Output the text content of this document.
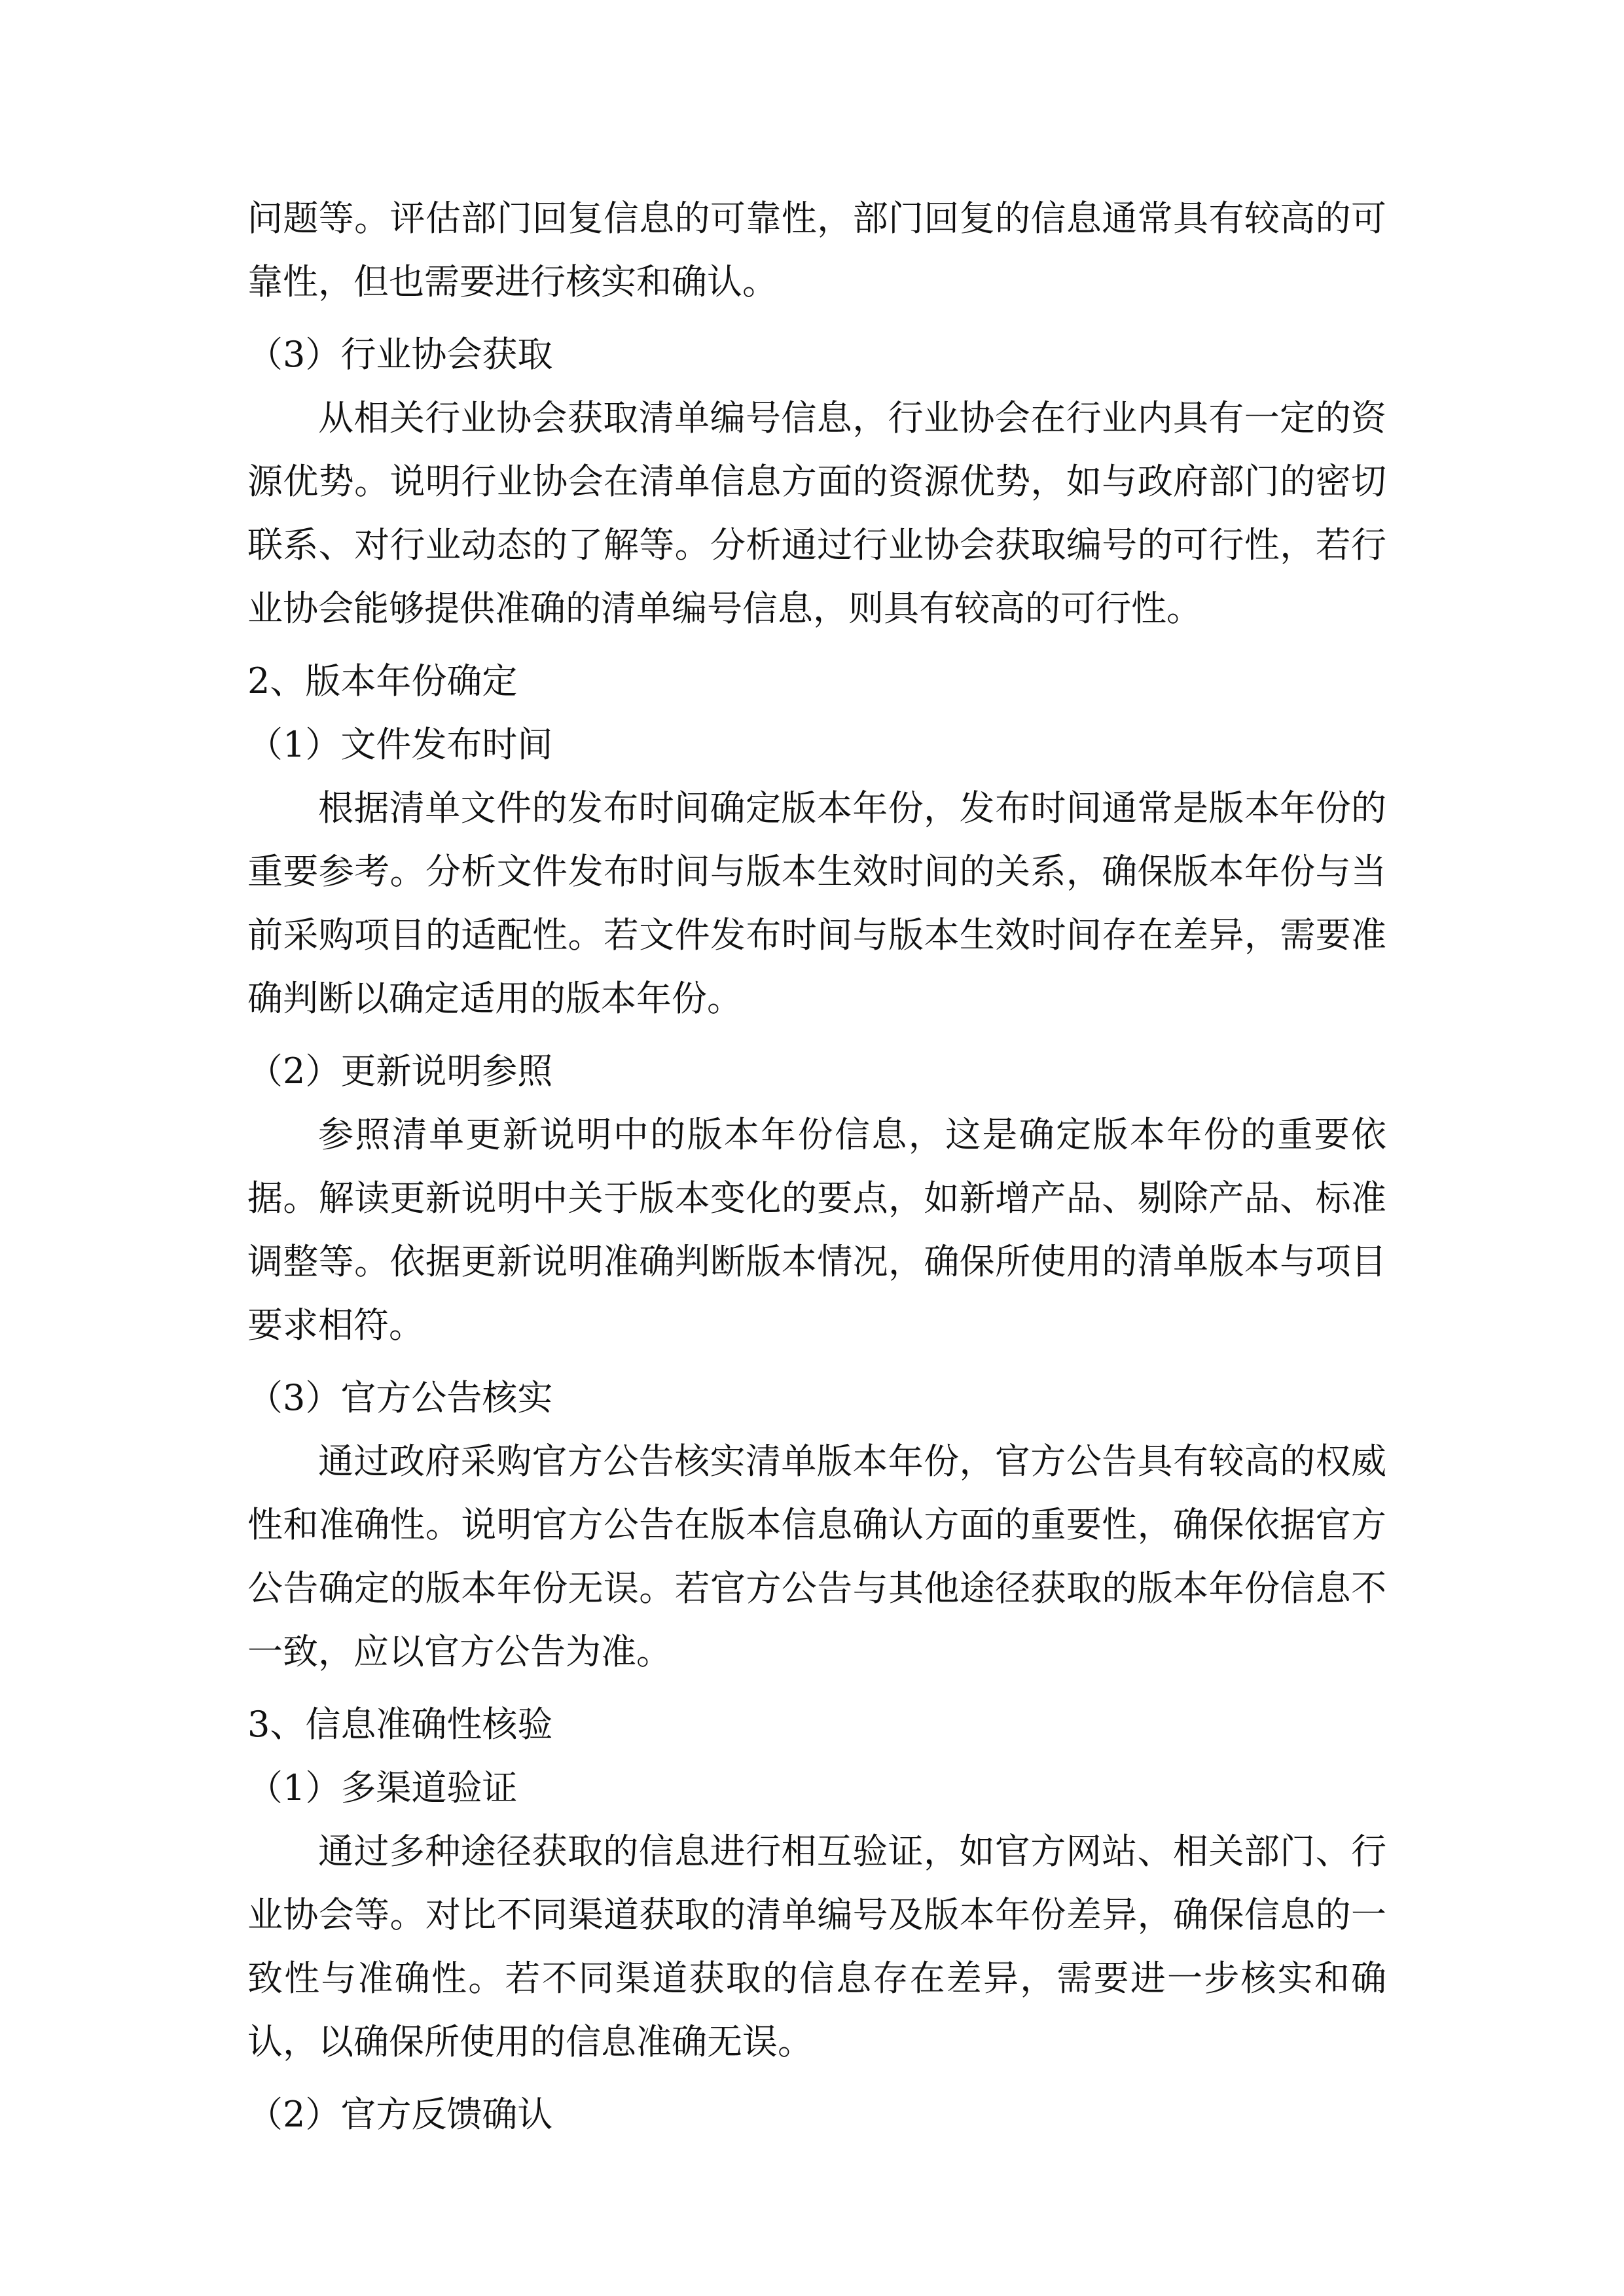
问题等。评估部门回复信息的可靠性，部门回复的信息通常具有较高的可靠性，但也需要进行核实和确认。

（3）行业协会获取

从相关行业协会获取清单编号信息，行业协会在行业内具有一定的资源优势。说明行业协会在清单信息方面的资源优势，如与政府部门的密切联系、对行业动态的了解等。分析通过行业协会获取编号的可行性，若行业协会能够提供准确的清单编号信息，则具有较高的可行性。

2、版本年份确定

（1）文件发布时间

根据清单文件的发布时间确定版本年份，发布时间通常是版本年份的重要参考。分析文件发布时间与版本生效时间的关系，确保版本年份与当前采购项目的适配性。若文件发布时间与版本生效时间存在差异，需要准确判断以确定适用的版本年份。

（2）更新说明参照

参照清单更新说明中的版本年份信息，这是确定版本年份的重要依据。解读更新说明中关于版本变化的要点，如新增产品、剔除产品、标准调整等。依据更新说明准确判断版本情况，确保所使用的清单版本与项目要求相符。

（3）官方公告核实

通过政府采购官方公告核实清单版本年份，官方公告具有较高的权威性和准确性。说明官方公告在版本信息确认方面的重要性，确保依据官方公告确定的版本年份无误。若官方公告与其他途径获取的版本年份信息不一致，应以官方公告为准。

3、信息准确性核验

（1）多渠道验证

通过多种途径获取的信息进行相互验证，如官方网站、相关部门、行业协会等。对比不同渠道获取的清单编号及版本年份差异，确保信息的一致性与准确性。若不同渠道获取的信息存在差异，需要进一步核实和确认，以确保所使用的信息准确无误。

（2）官方反馈确认
